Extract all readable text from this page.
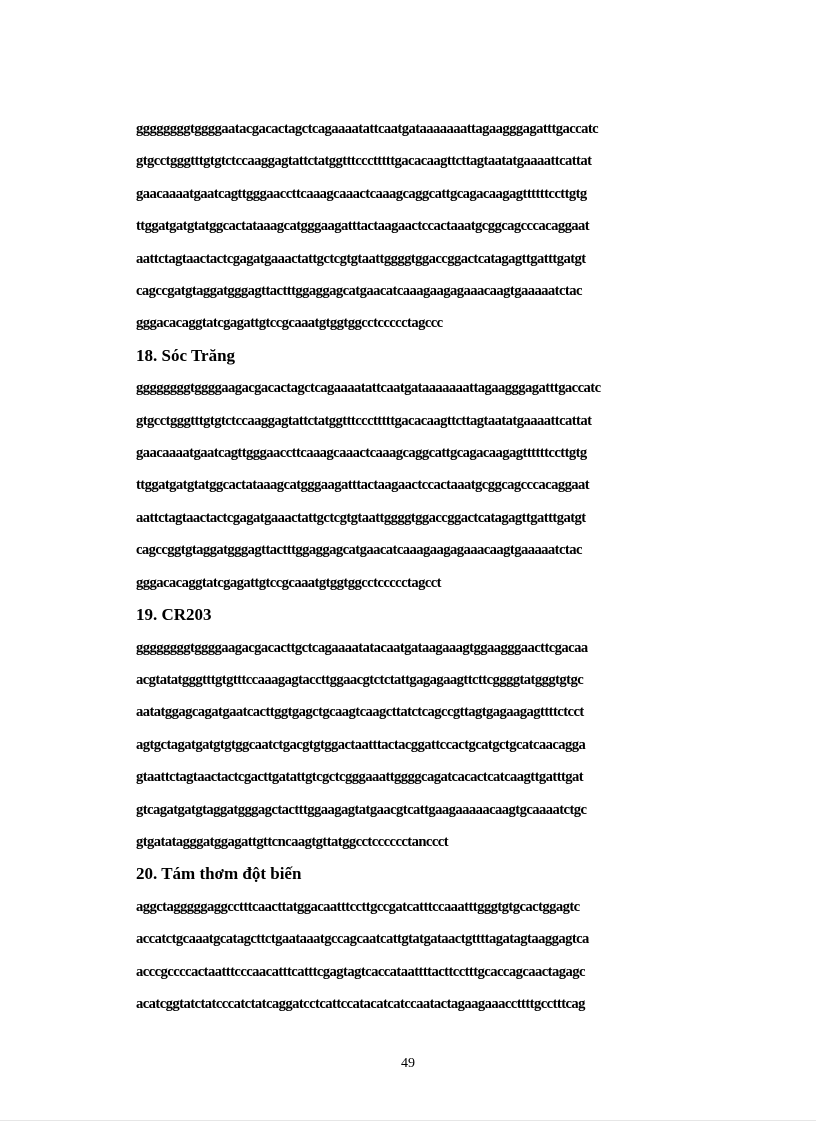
ggggggggtggggaatacgacactagctcagaaaatattcaatgataaaaaaattagaagggagatttgaccatc
gtgcctgggtttgtgtctccaaggagtattctatggtttccctttttgacacaagttcttagtaatatgaaaattcattat
gaacaaaatgaatcagttgggaaccttcaaagcaaactcaaagcaggcattgcagacaagagttttttccttgtg
ttggatgatgtatggcactataaagcatgggaagatttactaagaactccactaaatgcggcagcccacaggaat
aattctagtaactactcgagatgaaactattgctcgtgtaattggggtggaccggactcatagagttgatttgatgt
cagccgatgtaggatgggagttactttggaggagcatgaacatcaaagaagagaaacaagtgaaaaatctac
gggacacaggtatcgagattgtccgcaaatgtggtggcctccccctagccc
18. Sóc Trăng
ggggggggtggggaagacgacactagctcagaaaatattcaatgataaaaaaattagaagggagatttgaccatc
gtgcctgggtttgtgtctccaaggagtattctatggtttccctttttgacacaagttcttagtaatatgaaaattcattat
gaacaaaatgaatcagttgggaaccttcaaagcaaactcaaagcaggcattgcagacaagagttttttccttgtg
ttggatgatgtatggcactataaagcatgggaagatttactaagaactccactaaatgcggcagcccacaggaat
aattctagtaactactcgagatgaaactattgctcgtgtaattggggtggaccggactcatagagttgatttgatgt
cagccggtgtaggatgggagttactttggaggagcatgaacatcaaagaagagaaacaagtgaaaaatctac
gggacacaggtatcgagattgtccgcaaatgtggtggcctccccctagcct
19. CR203
ggggggggtggggaagacgacacttgctcagaaaatatacaatgataagaaagtggaagggaacttcgacaa
acgtatatgggtttgtgtttccaaagagtaccttggaacgtctctattgagagaagttcttcggggtatgggtgtgc
aatatggagcagatgaatcacttggtgagctgcaagtcaagcttatctcagccgttagtgagaagagttttctcct
agtgctagatgatgtgtggcaatctgacgtgtggactaatttactacggattccactgcatgctgcatcaacagga
gtaattctagtaactactcgacttgatattgtcgctcgggaaattggggcagatcacactcatcaagttgatttgat
gtcagatgatgtaggatgggagctactttggaagagtatgaacgtcattgaagaaaaacaagtgcaaaatctgc
gtgatatagggatggagattgttcncaagtgttatggcctcccccctanccct
20. Tám thơm đột biến
aggctagggggaggcctttcaacttatggacaatttccttgccgatcatttccaaatttgggtgtgcactggagtc
accatctgcaaatgcatagcttctgaataaatgccagcaatcattgtatgataactgttttagatagtaaggagtca
acccgccccactaatttcccaacatttcatttcgagtagtcaccataattttacttcctttgcaccagcaactagagc
acatcggtatctatcccatctatcaggatcctcattccatacatcatccaatactagaagaaaccttttgcctttcag
49
